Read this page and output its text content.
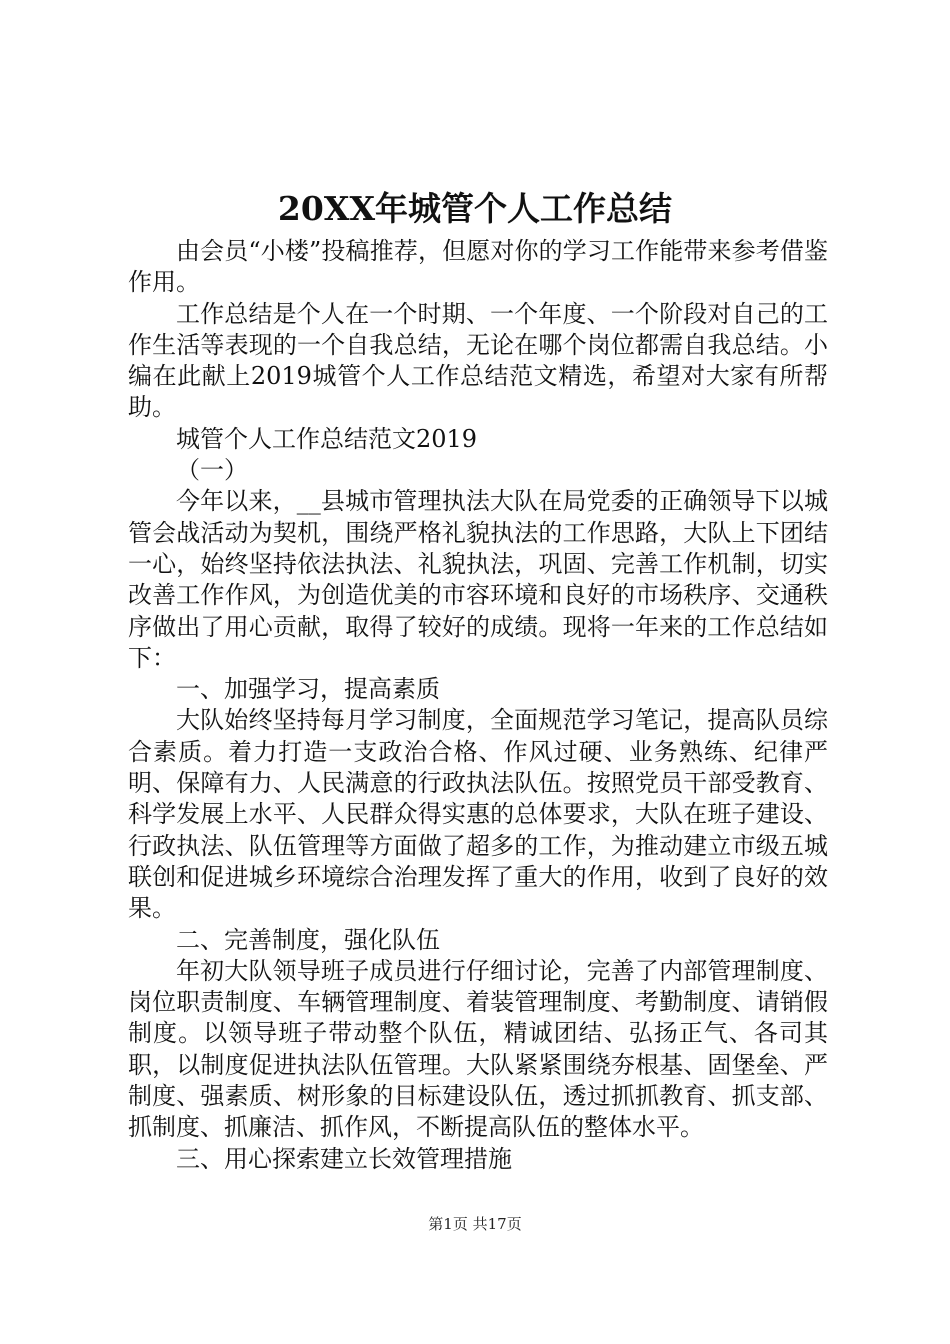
20XX年城管个人工作总结

由会员“小楼”投稿推荐，但愿对你的学习工作能带来参考借鉴作用。

工作总结是个人在一个时期、一个年度、一个阶段对自己的工作生活等表现的一个自我总结，无论在哪个岗位都需自我总结。小编在此献上2019城管个人工作总结范文精选，希望对大家有所帮助。

城管个人工作总结范文2019

（一）

今年以来，__县城市管理执法大队在局党委的正确领导下以城管会战活动为契机，围绕严格礼貌执法的工作思路，大队上下团结一心，始终坚持依法执法、礼貌执法，巩固、完善工作机制，切实改善工作作风，为创造优美的市容环境和良好的市场秩序、交通秩序做出了用心贡献，取得了较好的成绩。现将一年来的工作总结如下：

一、加强学习，提高素质

大队始终坚持每月学习制度，全面规范学习笔记，提高队员综合素质。着力打造一支政治合格、作风过硬、业务熟练、纪律严明、保障有力、人民满意的行政执法队伍。按照党员干部受教育、科学发展上水平、人民群众得实惠的总体要求，大队在班子建设、行政执法、队伍管理等方面做了超多的工作，为推动建立市级五城联创和促进城乡环境综合治理发挥了重大的作用，收到了良好的效果。

二、完善制度，强化队伍

年初大队领导班子成员进行仔细讨论，完善了内部管理制度、岗位职责制度、车辆管理制度、着装管理制度、考勤制度、请销假制度。以领导班子带动整个队伍，精诚团结、弘扬正气、各司其职，以制度促进执法队伍管理。大队紧紧围绕夯根基、固堡垒、严制度、强素质、树形象的目标建设队伍，透过抓抓教育、抓支部、抓制度、抓廉洁、抓作风，不断提高队伍的整体水平。

三、用心探索建立长效管理措施

第1页 共17页
